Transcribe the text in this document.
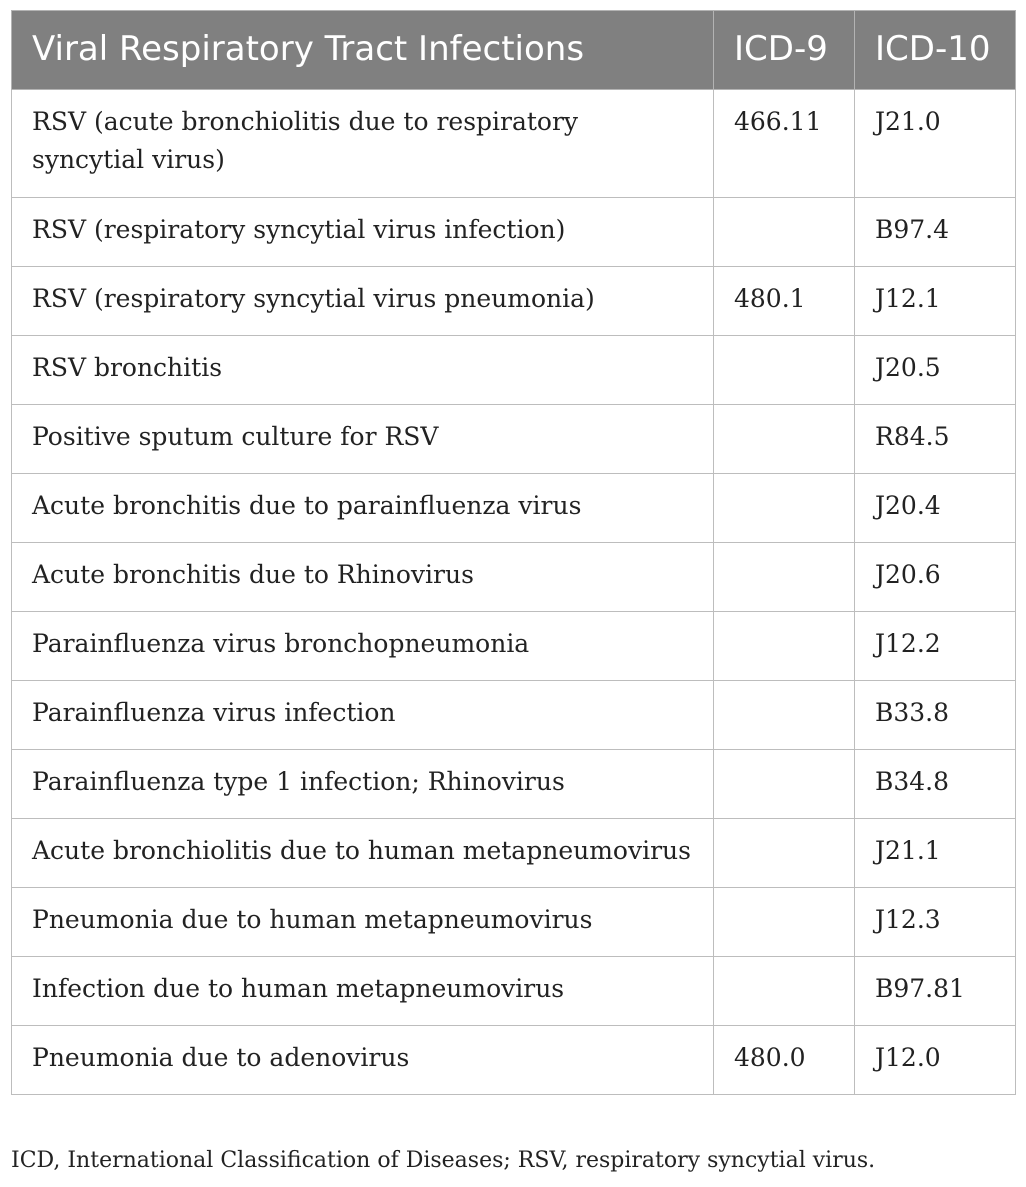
Viral Respiratory Tract Infections	ICD-9	ICD-10
RSV (acute bronchiolitis due to respiratory syncytial virus)	466.11	J21.0
RSV (respiratory syncytial virus infection)		B97.4
RSV (respiratory syncytial virus pneumonia)	480.1	J12.1
RSV bronchitis		J20.5
Positive sputum culture for RSV		R84.5
Acute bronchitis due to parainfluenza virus		J20.4
Acute bronchitis due to Rhinovirus		J20.6
Parainfluenza virus bronchopneumonia		J12.2
Parainfluenza virus infection		B33.8
Parainfluenza type 1 infection; Rhinovirus		B34.8
Acute bronchiolitis due to human metapneumovirus		J21.1
Pneumonia due to human metapneumovirus		J12.3
Infection due to human metapneumovirus		B97.81
Pneumonia due to adenovirus	480.0	J12.0
ICD, International Classification of Diseases; RSV, respiratory syncytial virus.
